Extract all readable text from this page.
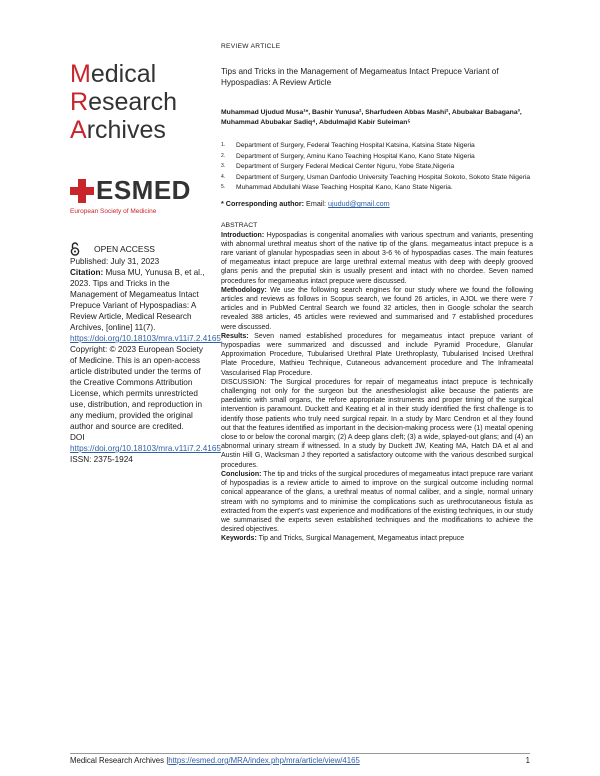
Medical
Research
Archives
ESMED
European Society of Medicine
OPEN ACCESS

Published: July 31, 2023

Citation: Musa MU, Yunusa B, et al., 2023. Tips and Tricks in the Management of Megameatus Intact Prepuce Variant of Hypospadias: A Review Article, Medical Research Archives, [online] 11(7).
https://doi.org/10.18103/mra.v11i7.2.4165

Copyright: © 2023 European Society of Medicine. This is an open-access article distributed under the terms of the Creative Commons Attribution License, which permits unrestricted use, distribution, and reproduction in any medium, provided the original author and source are credited.

DOI

https://doi.org/10.18103/mra.v11i7.2.4165

ISSN: 2375-1924

REVIEW ARTICLE
Tips and Tricks in the Management of Megameatus Intact Prepuce Variant of Hypospadias: A Review Article
Muhammad Ujudud Musa¹*, Bashir Yunusa², Sharfudeen Abbas Mashi², Abubakar Babagana³, Muhammad Abubakar Sadiq⁴, Abdulmajid Kabir Suleiman⁵
1.	Department of Surgery, Federal Teaching Hospital Katsina, Katsina State Nigeria
2.	Department of Surgery, Aminu Kano Teaching Hospital Kano, Kano State Nigeria
3.	Department of Surgery Federal Medical Center Nguru, Yobe State,Nigeria
4.	Department of Surgery, Usman Danfodio University Teaching Hospital Sokoto, Sokoto State Nigeria
5.	Muhammad Abdullahi Wase Teaching Hospital Kano, Kano State Nigeria.
* Corresponding author: Email: ujudud@gmail.com
ABSTRACT

Introduction: Hypospadias is congenital anomalies with various spectrum and variants, presenting with abnormal urethral meatus short of the native tip of the glans. megameatus intact prepuce is a rare variant of glanular hypospadias seen in about 3-6 % of hypospadias cases. The main features of megameatus intact prepuce are large urethral external meatus with deep with deeply grooved glans penis and the preputial skin is usually present and intact with no chordee. Seven named procedures for megameatus intact prepuce were discussed.

Methodology: We use the following search engines for our study where we found the following articles and reviews as follows in Scopus search, we found 26 articles, in AJOL we there were 7 articles and in PubMed Central Search we found 32 articles, then in Google scholar the search revealed 388 articles, 45 articles were reviewed and summarised and 7 established procedures were discussed.

Results: Seven named established procedures for megameatus intact prepuce variant of hypospadias were summarized and discussed and include Pyramid Procedure, Glanular Approximation Procedure, Tubularised Urethral Plate Urethroplasty, Tubularised Incised Urethral Plate Procedure, Mathieu Technique, Cutaneous advancement procedure and The Inframeatal Vascularised Flap Procedure.

DISCUSSION: The Surgical procedures for repair of megameatus intact prepuce is technically challenging not only for the surgeon but the anesthesiologist alike because the patients are paediatric with small organs, the refore appropriate instruments and proper timing of the surgical intervention is paramount. Duckett and Keating et al in their study identified the first challenge is to identify those patients who truly need surgical repair. In a study by Marc Cendron et al they found out that the features identified as important in the decision-making process were (1) meatal opening close to or below the coronal margin; (2) A deep glans cleft; (3) a wide, splayed-out glans; and (4) an abnormal urinary stream if witnessed. In a study by Duckett JW, Keating MA, Hatch DA et al and Austin Hill G, Wacksman J they reported a satisfactory outcome with the various described surgical procedures.

Conclusion: The tip and tricks of the surgical procedures of megameatus intact prepuce rare variant of hypospadias is a review article to aimed to improve on the surgical outcome including normal conical appearance of the glans, a urethral meatus of normal caliber, and a single, normal urinary stream with no symptoms and to minimise the complications such as urethrocutaneous fistula as extracted from the expert's vast experience and modifications of the existing techniques, in our study we summarised the experts seven established techniques and the modifications to achieve the desired objectives.

Keywords: Tip and Tricks, Surgical Management, Megameatus intact prepuce

Medical Research Archives | https://esmed.org/MRA/index.php/mra/article/view/4165	1
